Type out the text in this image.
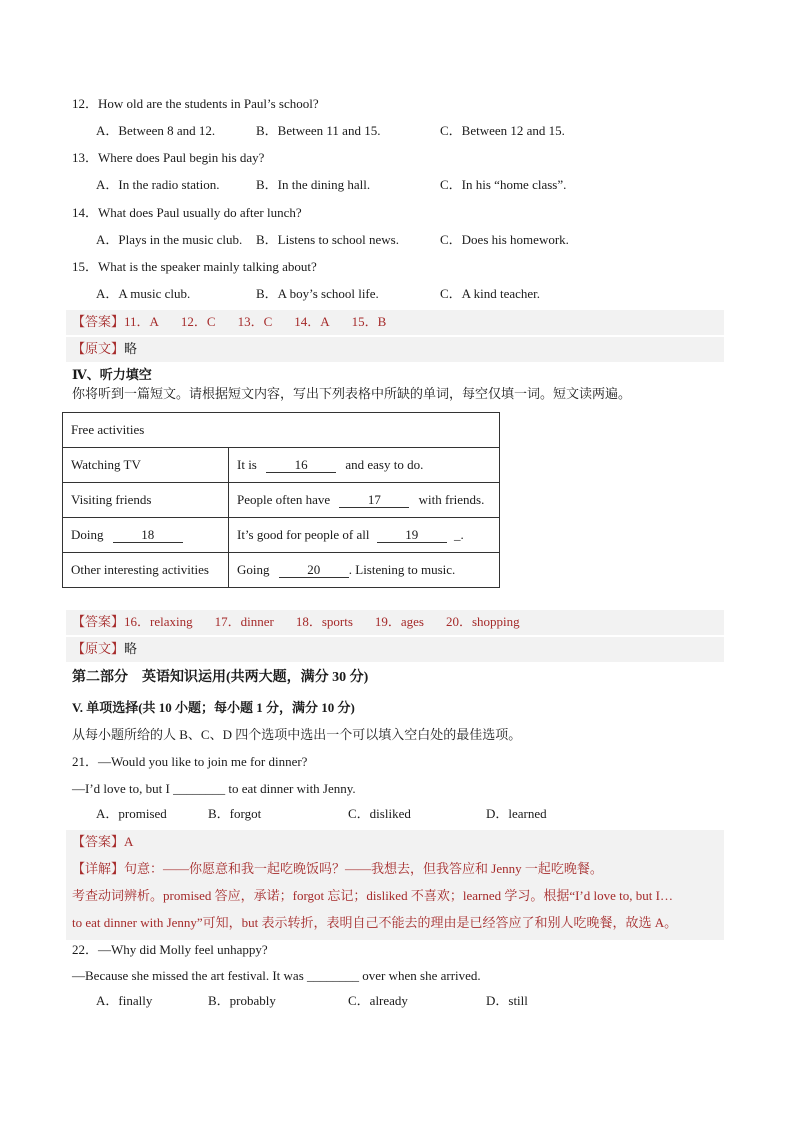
12．How old are the students in Paul’s school?
A．Between 8 and 12.	B．Between 11 and 15.	C．Between 12 and 15.
13．Where does Paul begin his day?
A．In the radio station.	B．In the dining hall.	C．In his “home class”.
14．What does Paul usually do after lunch?
A．Plays in the music club. B．Listens to school news.	C．Does his homework.
15．What is the speaker mainly talking about?
A．A music club.	B．A boy’s school life.	C．A kind teacher.
【答案】11．A 12．C 13．C 14．A 15．B
【原文】略
Ⅳ、听力填空
你将听到一篇短文。请根据短文内容，写出下列表格中所缺的单词，每空仅填一词。短文读两遍。
Free activities	
Watching TV	It is 16 and easy to do.
Visiting friends	People often have 17 with friends.
Doing 18	It’s good for people of all 19 _.
Other interesting activities	Going 20 . Listening to music.
【答案】16．relaxing 17．dinner 18．sports 19．ages 20．shopping
【原文】略
第二部分　英语知识运用(共两大题，满分 30 分)
V. 单项选择(共 10 小题；每小题 1 分，满分 10 分)
从每小题所给的人 B、C、D 四个选项中选出一个可以填入空白处的最佳选项。
21．—Would you like to join me for dinner?
—I’d love to, but I ________ to eat dinner with Jenny.
A．promised	B．forgot	C．disliked	D．learned
【答案】A
【详解】句意：——你愿意和我一起吃晚饭吗？——我想去，但我答应和 Jenny 一起吃晚餐。
考查动词辨析。promised 答应，承诺；forgot 忘记；disliked 不喜欢；learned 学习。根据“I’d love to, but I…
to eat dinner with Jenny”可知，but 表示转折，表明自己不能去的理由是已经答应了和别人吃晚餐，故选 A。
22．—Why did Molly feel unhappy?
—Because she missed the art festival. It was ________ over when she arrived.
A．finally	B．probably	C．already	D．still
